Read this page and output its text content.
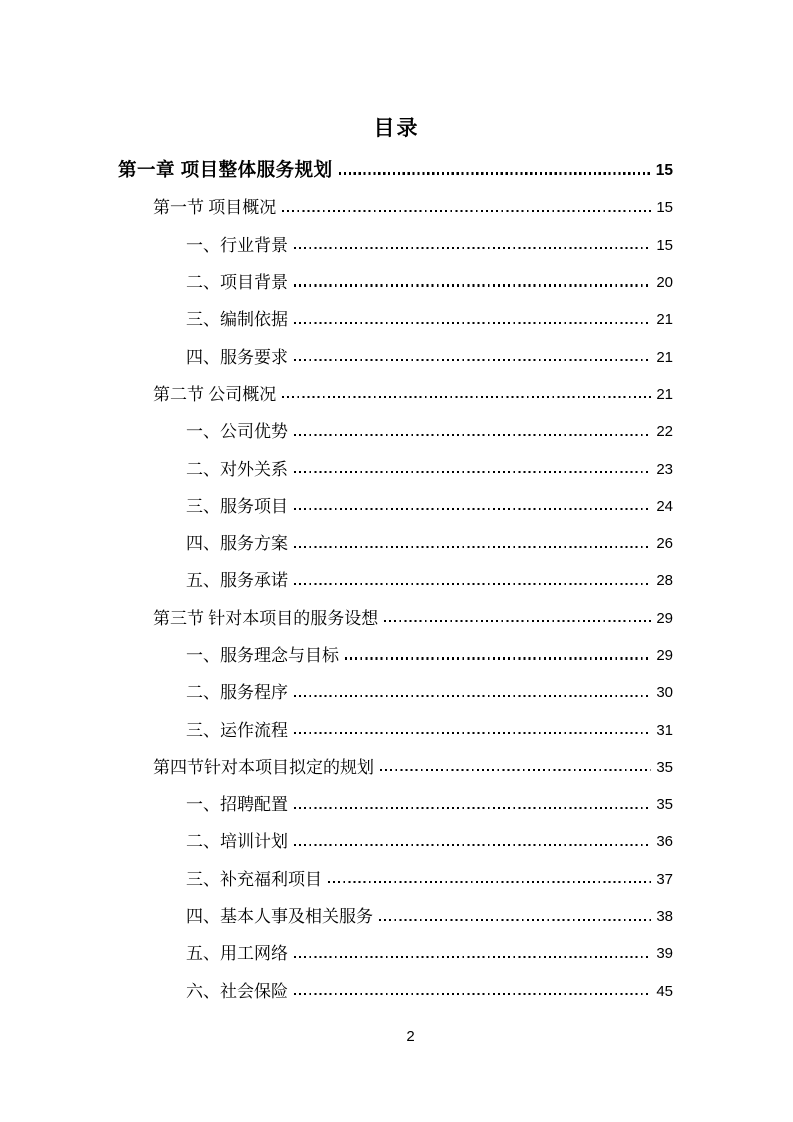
目录
第一章 项目整体服务规划	15
第一节 项目概况	15
一、行业背景	15
二、项目背景	20
三、编制依据	21
四、服务要求	21
第二节 公司概况	21
一、公司优势	22
二、对外关系	23
三、服务项目	24
四、服务方案	26
五、服务承诺	28
第三节 针对本项目的服务设想	29
一、服务理念与目标	29
二、服务程序	30
三、运作流程	31
第四节针对本项目拟定的规划	35
一、招聘配置	35
二、培训计划	36
三、补充福利项目	37
四、基本人事及相关服务	38
五、用工网络	39
六、社会保险	45
2
